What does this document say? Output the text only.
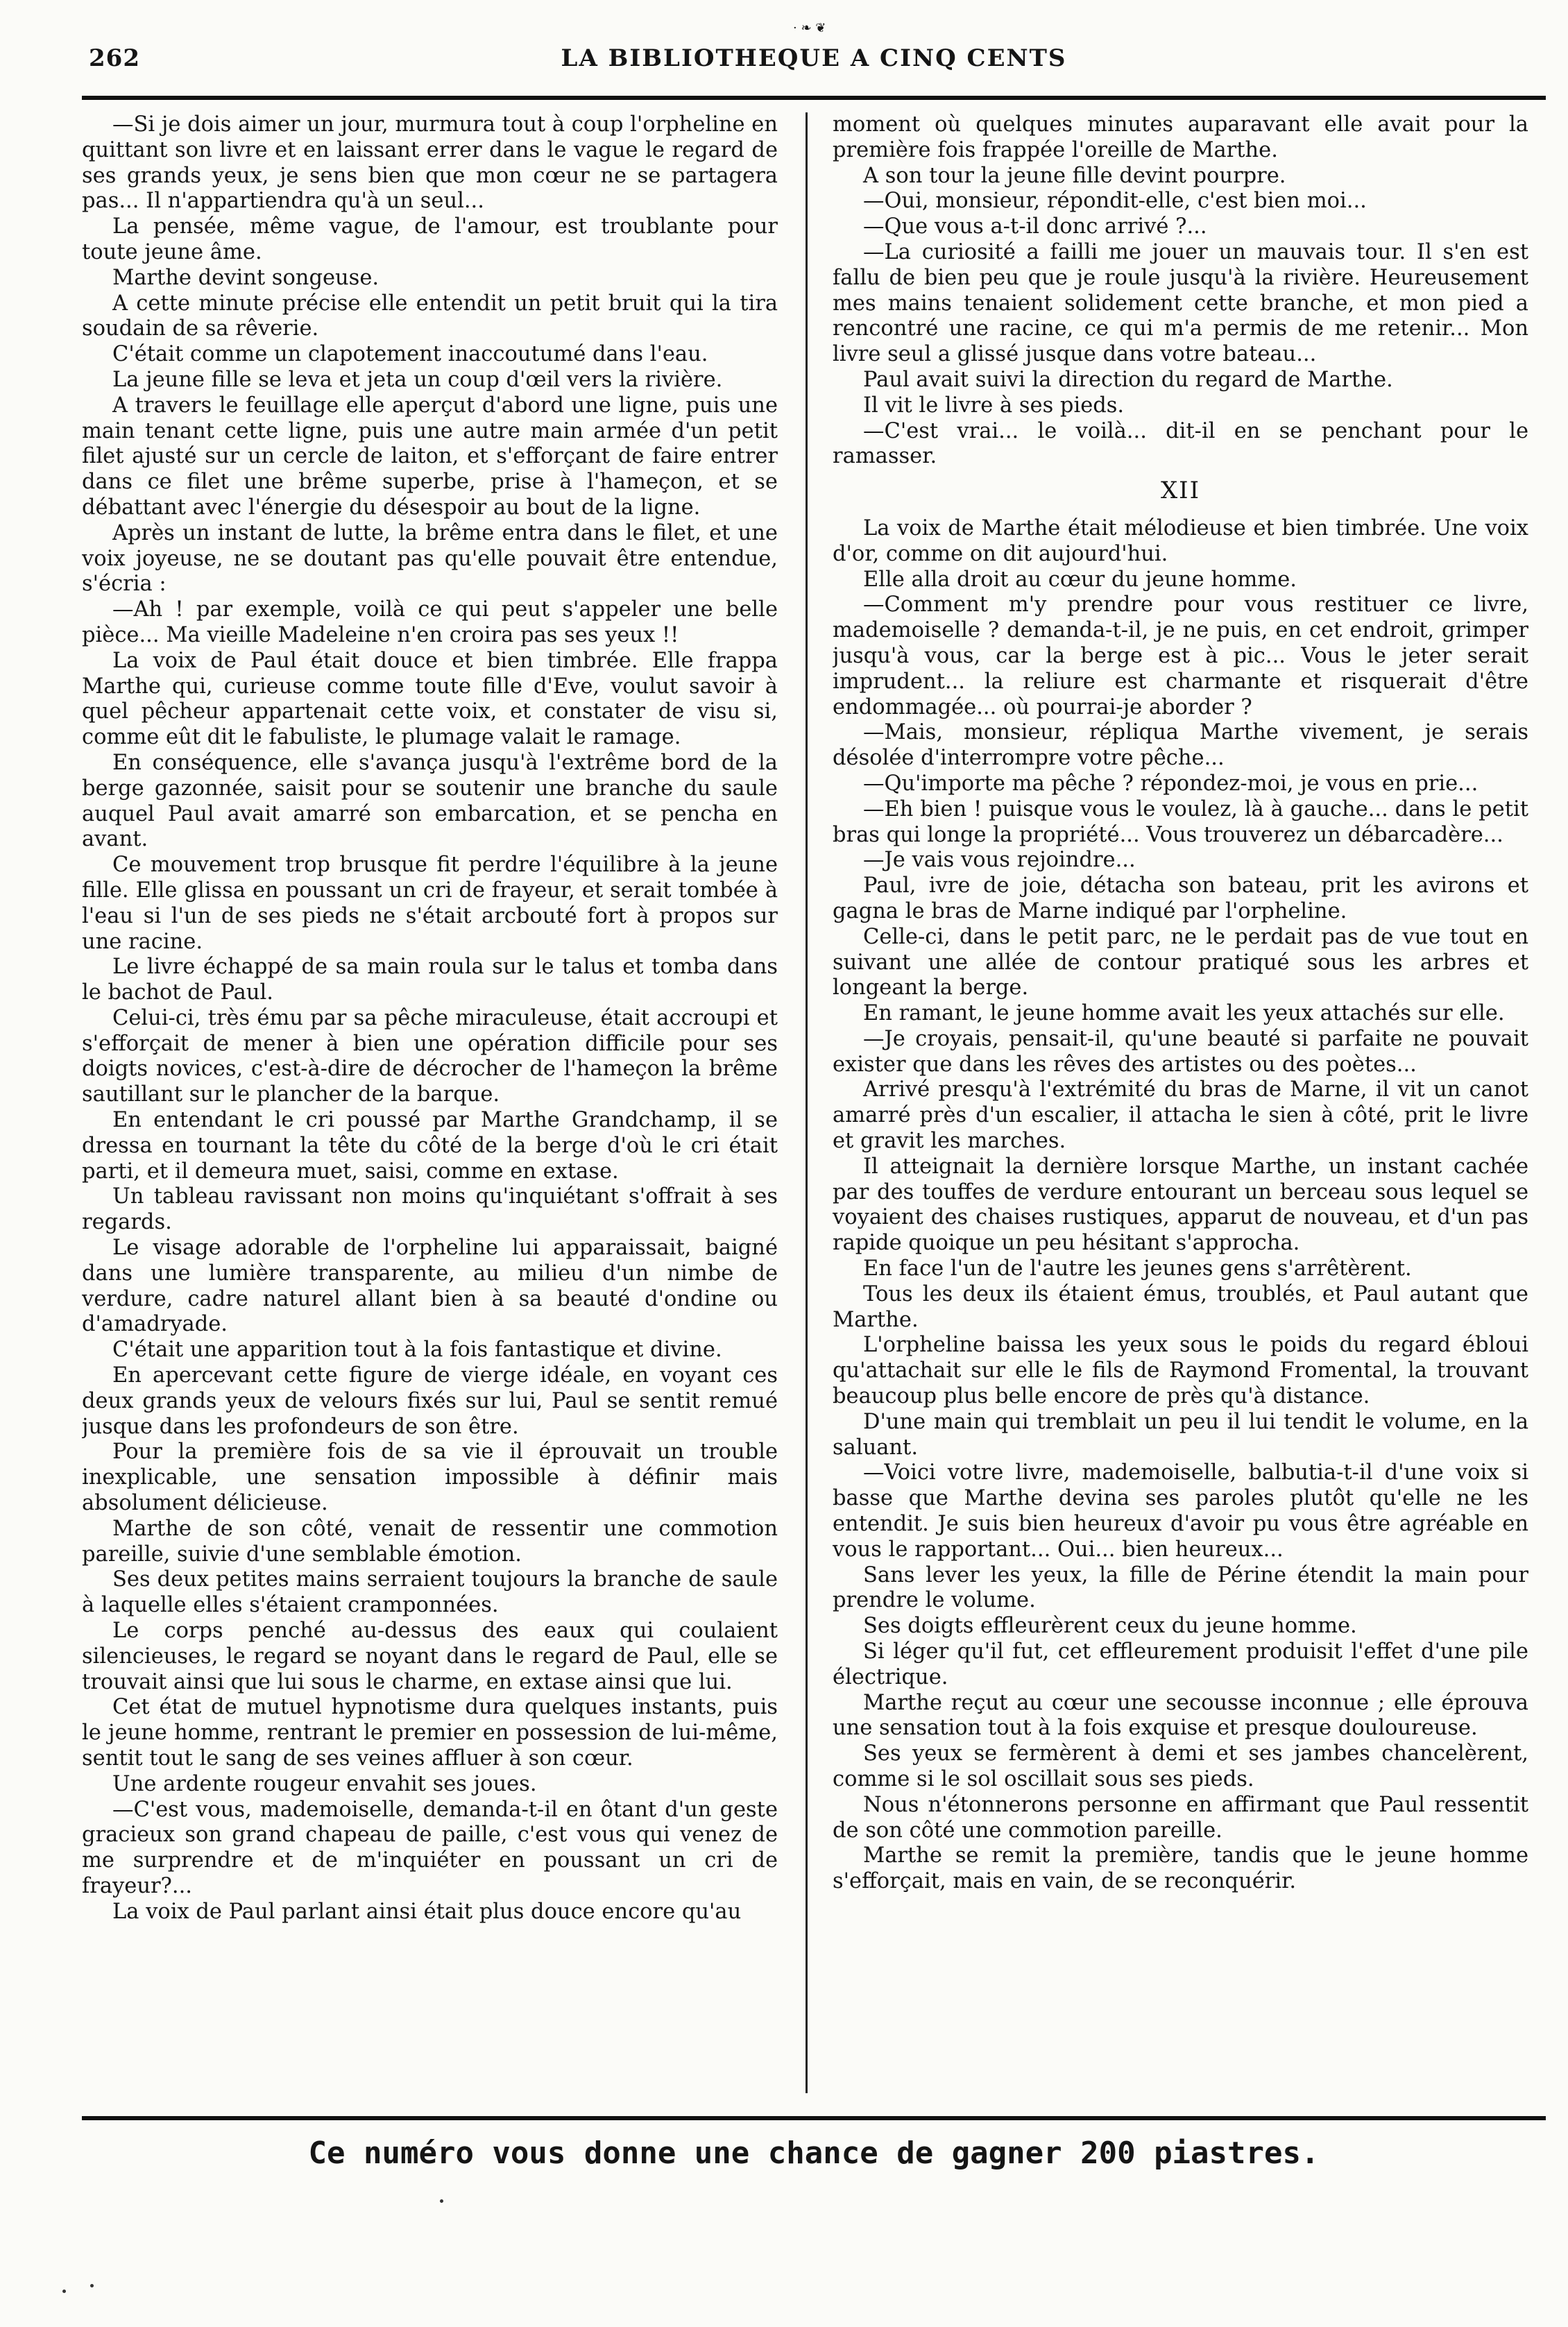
262
· ❧ ❦
LA BIBLIOTHEQUE A CINQ CENTS

—Si je dois aimer un jour, murmura tout à coup l'orpheline en quittant son livre et en laissant errer dans le vague le regard de ses grands yeux, je sens bien que mon cœur ne se partagera pas... Il n'appartiendra qu'à un seul...

La pensée, même vague, de l'amour, est troublante pour toute jeune âme.

Marthe devint songeuse.

A cette minute précise elle entendit un petit bruit qui la tira soudain de sa rêverie.

C'était comme un clapotement inaccoutumé dans l'eau.

La jeune fille se leva et jeta un coup d'œil vers la rivière.

A travers le feuillage elle aperçut d'abord une ligne, puis une main tenant cette ligne, puis une autre main armée d'un petit filet ajusté sur un cercle de laiton, et s'efforçant de faire entrer dans ce filet une brême superbe, prise à l'hameçon, et se débattant avec l'énergie du désespoir au bout de la ligne.

Après un instant de lutte, la brême entra dans le filet, et une voix joyeuse, ne se doutant pas qu'elle pouvait être entendue, s'écria :

—Ah ! par exemple, voilà ce qui peut s'appeler une belle pièce... Ma vieille Madeleine n'en croira pas ses yeux !!

La voix de Paul était douce et bien timbrée. Elle frappa Marthe qui, curieuse comme toute fille d'Eve, voulut savoir à quel pêcheur appartenait cette voix, et constater de visu si, comme eût dit le fabuliste, le plumage valait le ramage.

En conséquence, elle s'avança jusqu'à l'extrême bord de la berge gazonnée, saisit pour se soutenir une branche du saule auquel Paul avait amarré son embarcation, et se pencha en avant.

Ce mouvement trop brusque fit perdre l'équilibre à la jeune fille. Elle glissa en poussant un cri de frayeur, et serait tombée à l'eau si l'un de ses pieds ne s'était arcbouté fort à propos sur une racine.

Le livre échappé de sa main roula sur le talus et tomba dans le bachot de Paul.

Celui-ci, très ému par sa pêche miraculeuse, était accroupi et s'efforçait de mener à bien une opération difficile pour ses doigts novices, c'est-à-dire de décrocher de l'hameçon la brême sautillant sur le plancher de la barque.

En entendant le cri poussé par Marthe Grandchamp, il se dressa en tournant la tête du côté de la berge d'où le cri était parti, et il demeura muet, saisi, comme en extase.

Un tableau ravissant non moins qu'inquiétant s'offrait à ses regards.

Le visage adorable de l'orpheline lui apparaissait, baigné dans une lumière transparente, au milieu d'un nimbe de verdure, cadre naturel allant bien à sa beauté d'ondine ou d'amadryade.

C'était une apparition tout à la fois fantastique et divine.

En apercevant cette figure de vierge idéale, en voyant ces deux grands yeux de velours fixés sur lui, Paul se sentit remué jusque dans les profondeurs de son être.

Pour la première fois de sa vie il éprouvait un trouble inexplicable, une sensation impossible à définir mais absolument délicieuse.

Marthe de son côté, venait de ressentir une commotion pareille, suivie d'une semblable émotion.

Ses deux petites mains serraient toujours la branche de saule à laquelle elles s'étaient cramponnées.

Le corps penché au-dessus des eaux qui coulaient silencieuses, le regard se noyant dans le regard de Paul, elle se trouvait ainsi que lui sous le charme, en extase ainsi que lui.

Cet état de mutuel hypnotisme dura quelques instants, puis le jeune homme, rentrant le premier en possession de lui-même, sentit tout le sang de ses veines affluer à son cœur.

Une ardente rougeur envahit ses joues.

—C'est vous, mademoiselle, demanda-t-il en ôtant d'un geste gracieux son grand chapeau de paille, c'est vous qui venez de me surprendre et de m'inquiéter en poussant un cri de frayeur?...

La voix de Paul parlant ainsi était plus douce encore qu'au

moment où quelques minutes auparavant elle avait pour la première fois frappée l'oreille de Marthe.

A son tour la jeune fille devint pourpre.

—Oui, monsieur, répondit-elle, c'est bien moi...

—Que vous a-t-il donc arrivé ?...

—La curiosité a failli me jouer un mauvais tour. Il s'en est fallu de bien peu que je roule jusqu'à la rivière. Heureusement mes mains tenaient solidement cette branche, et mon pied a rencontré une racine, ce qui m'a permis de me retenir... Mon livre seul a glissé jusque dans votre bateau...

Paul avait suivi la direction du regard de Marthe.

Il vit le livre à ses pieds.

—C'est vrai... le voilà... dit-il en se penchant pour le ramasser.

XII

La voix de Marthe était mélodieuse et bien timbrée. Une voix d'or, comme on dit aujourd'hui.

Elle alla droit au cœur du jeune homme.

—Comment m'y prendre pour vous restituer ce livre, mademoiselle ? demanda-t-il, je ne puis, en cet endroit, grimper jusqu'à vous, car la berge est à pic... Vous le jeter serait imprudent... la reliure est charmante et risquerait d'être endommagée... où pourrai-je aborder ?

—Mais, monsieur, répliqua Marthe vivement, je serais désolée d'interrompre votre pêche...

—Qu'importe ma pêche ? répondez-moi, je vous en prie...

—Eh bien ! puisque vous le voulez, là à gauche... dans le petit bras qui longe la propriété... Vous trouverez un débarcadère...

—Je vais vous rejoindre...

Paul, ivre de joie, détacha son bateau, prit les avirons et gagna le bras de Marne indiqué par l'orpheline.

Celle-ci, dans le petit parc, ne le perdait pas de vue tout en suivant une allée de contour pratiqué sous les arbres et longeant la berge.

En ramant, le jeune homme avait les yeux attachés sur elle.

—Je croyais, pensait-il, qu'une beauté si parfaite ne pouvait exister que dans les rêves des artistes ou des poètes...

Arrivé presqu'à l'extrémité du bras de Marne, il vit un canot amarré près d'un escalier, il attacha le sien à côté, prit le livre et gravit les marches.

Il atteignait la dernière lorsque Marthe, un instant cachée par des touffes de verdure entourant un berceau sous lequel se voyaient des chaises rustiques, apparut de nouveau, et d'un pas rapide quoique un peu hésitant s'approcha.

En face l'un de l'autre les jeunes gens s'arrêtèrent.

Tous les deux ils étaient émus, troublés, et Paul autant que Marthe.

L'orpheline baissa les yeux sous le poids du regard ébloui qu'attachait sur elle le fils de Raymond Fromental, la trouvant beaucoup plus belle encore de près qu'à distance.

D'une main qui tremblait un peu il lui tendit le volume, en la saluant.

—Voici votre livre, mademoiselle, balbutia-t-il d'une voix si basse que Marthe devina ses paroles plutôt qu'elle ne les entendit. Je suis bien heureux d'avoir pu vous être agréable en vous le rapportant... Oui... bien heureux...

Sans lever les yeux, la fille de Périne étendit la main pour prendre le volume.

Ses doigts effleurèrent ceux du jeune homme.

Si léger qu'il fut, cet effleurement produisit l'effet d'une pile électrique.

Marthe reçut au cœur une secousse inconnue ; elle éprouva une sensation tout à la fois exquise et presque douloureuse.

Ses yeux se fermèrent à demi et ses jambes chancelèrent, comme si le sol oscillait sous ses pieds.

Nous n'étonnerons personne en affirmant que Paul ressentit de son côté une commotion pareille.

Marthe se remit la première, tandis que le jeune homme s'efforçait, mais en vain, de se reconquérir.

Ce numéro vous donne une chance de gagner 200 piastres.
